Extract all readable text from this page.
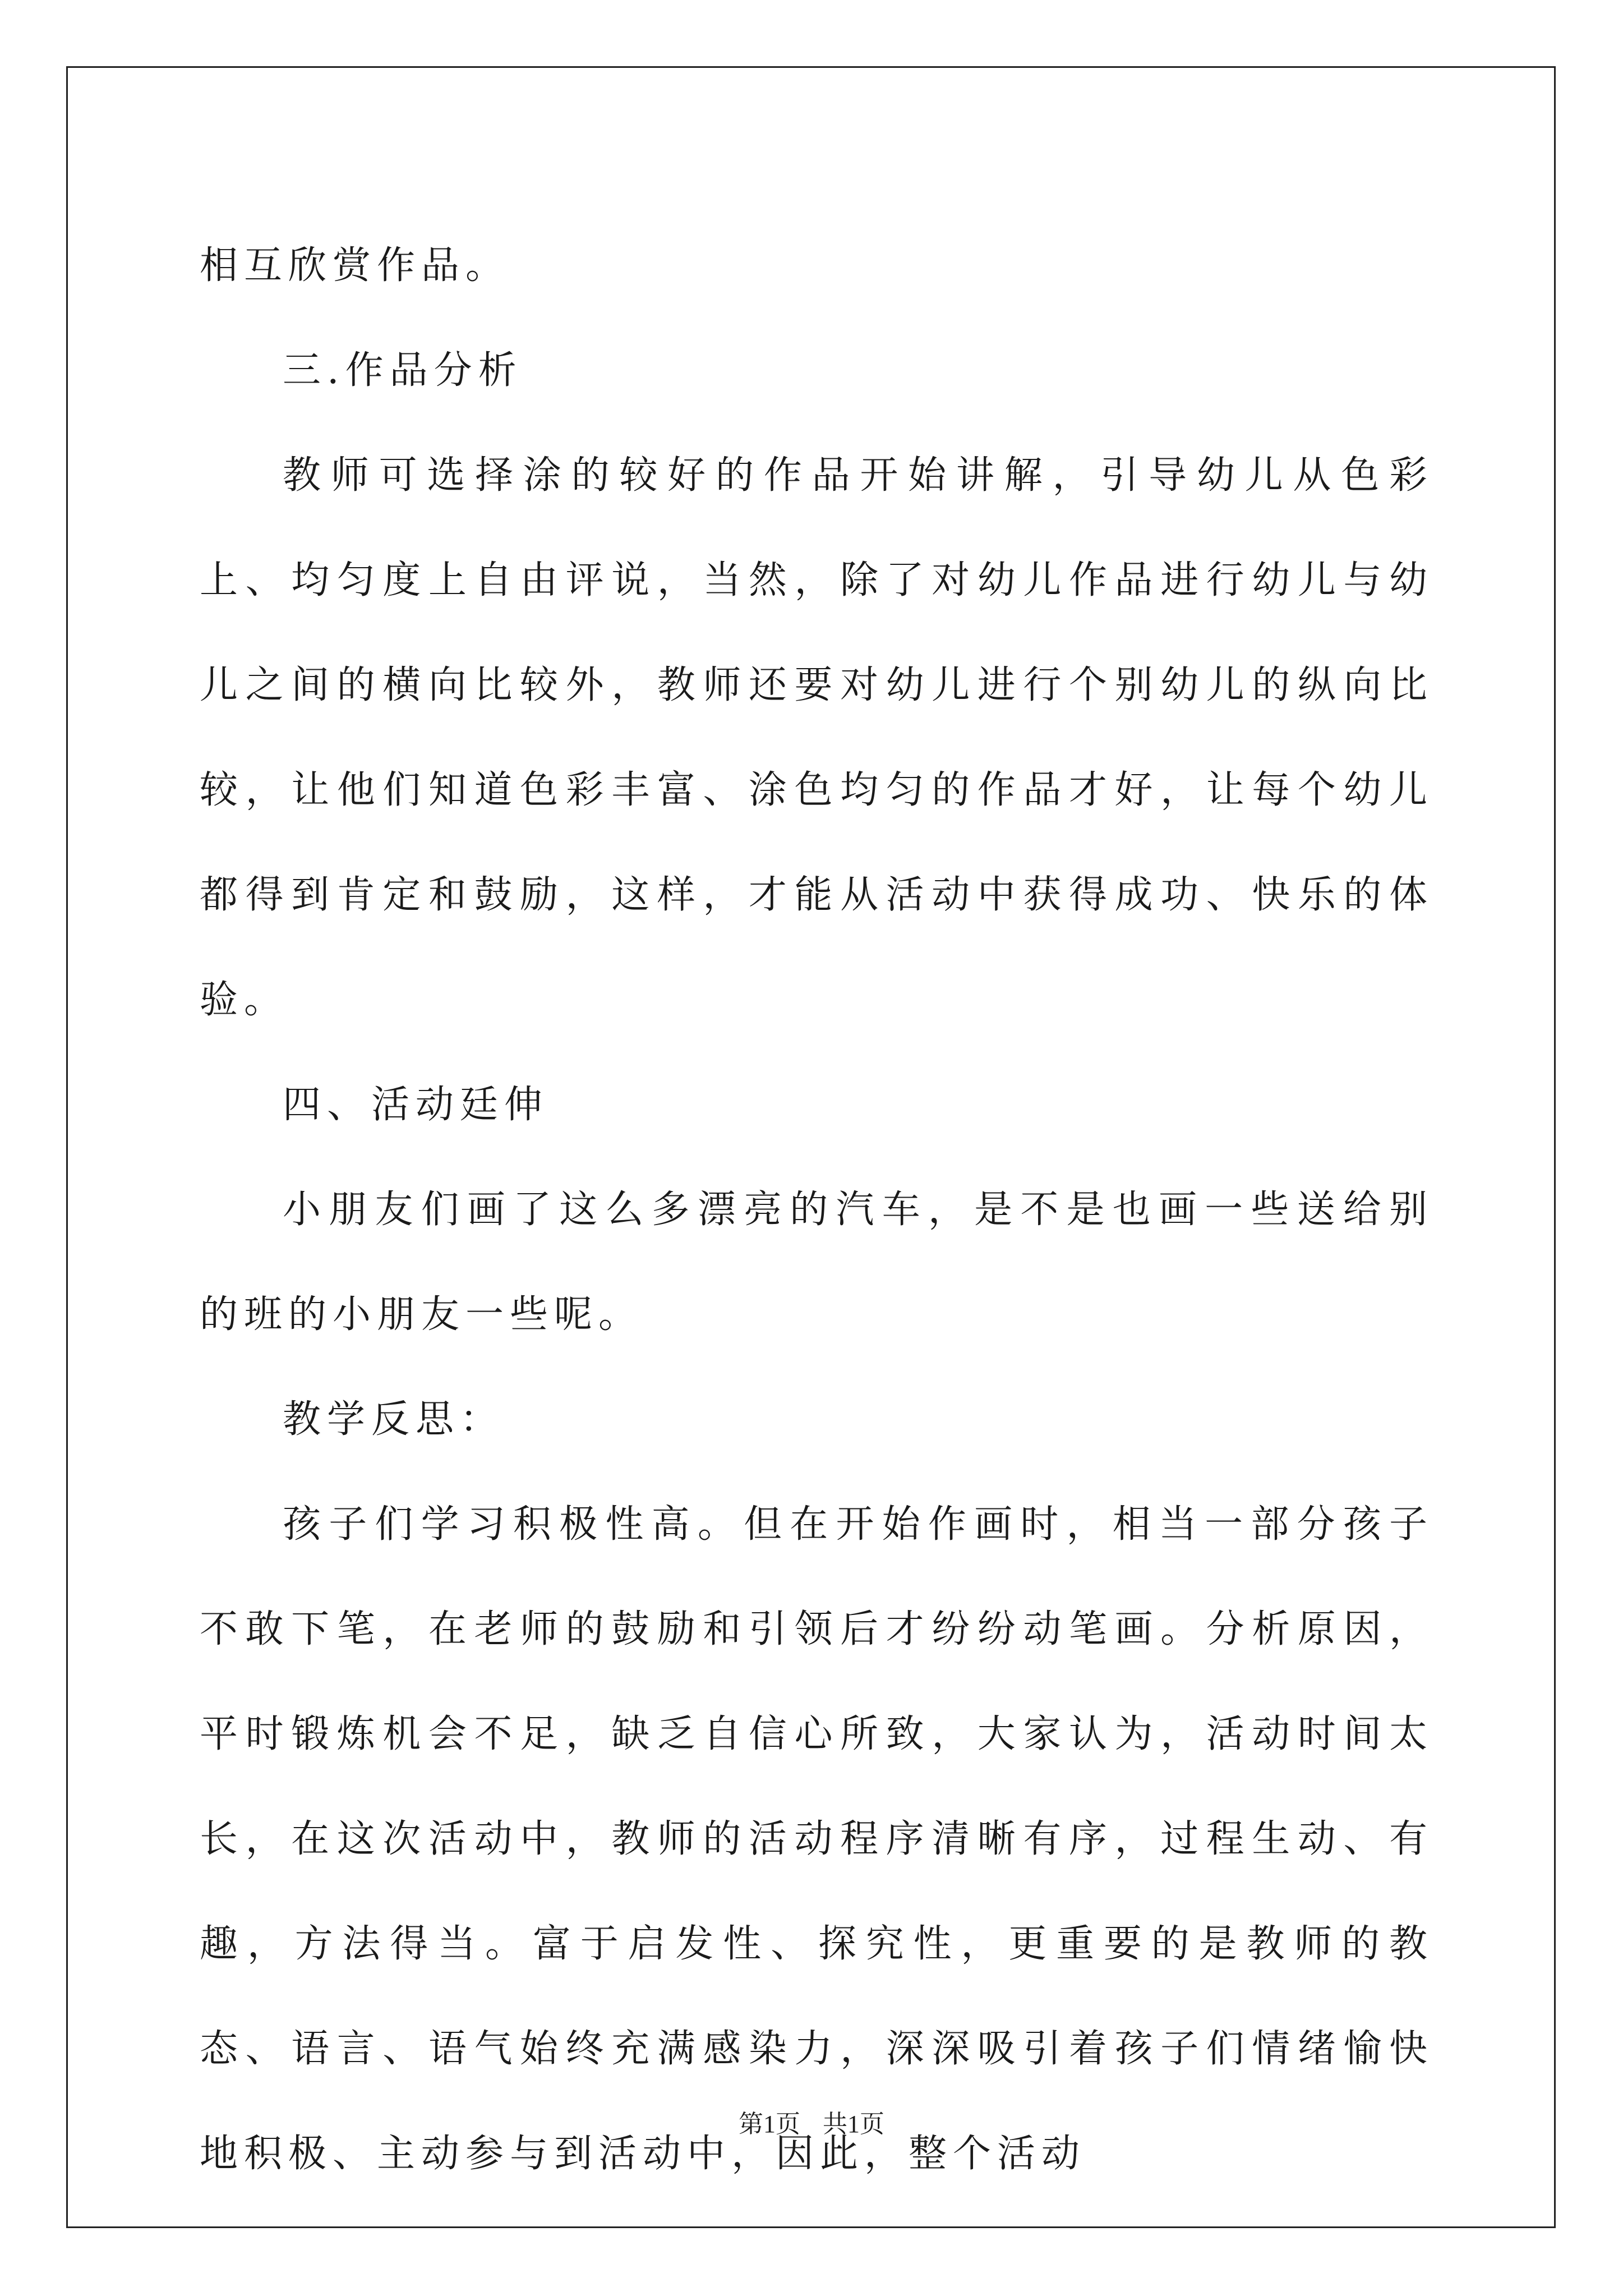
相互欣赏作品。

三.作品分析

教师可选择涂的较好的作品开始讲解，引导幼儿从色彩上、均匀度上自由评说，当然，除了对幼儿作品进行幼儿与幼儿之间的横向比较外，教师还要对幼儿进行个别幼儿的纵向比较，让他们知道色彩丰富、涂色均匀的作品才好，让每个幼儿都得到肯定和鼓励，这样，才能从活动中获得成功、快乐的体验。

四、活动廷伸

小朋友们画了这么多漂亮的汽车，是不是也画一些送给别的班的小朋友一些呢。

教学反思：

孩子们学习积极性高。但在开始作画时，相当一部分孩子不敢下笔，在老师的鼓励和引领后才纷纷动笔画。分析原因，平时锻炼机会不足，缺乏自信心所致，大家认为，活动时间太长，在这次活动中，教师的活动程序清晰有序，过程生动、有趣，方法得当。富于启发性、探究性，更重要的是教师的教态、语言、语气始终充满感染力，深深吸引着孩子们情绪愉快地积极、主动参与到活动中，因此，整个活动

第1页 共1页
